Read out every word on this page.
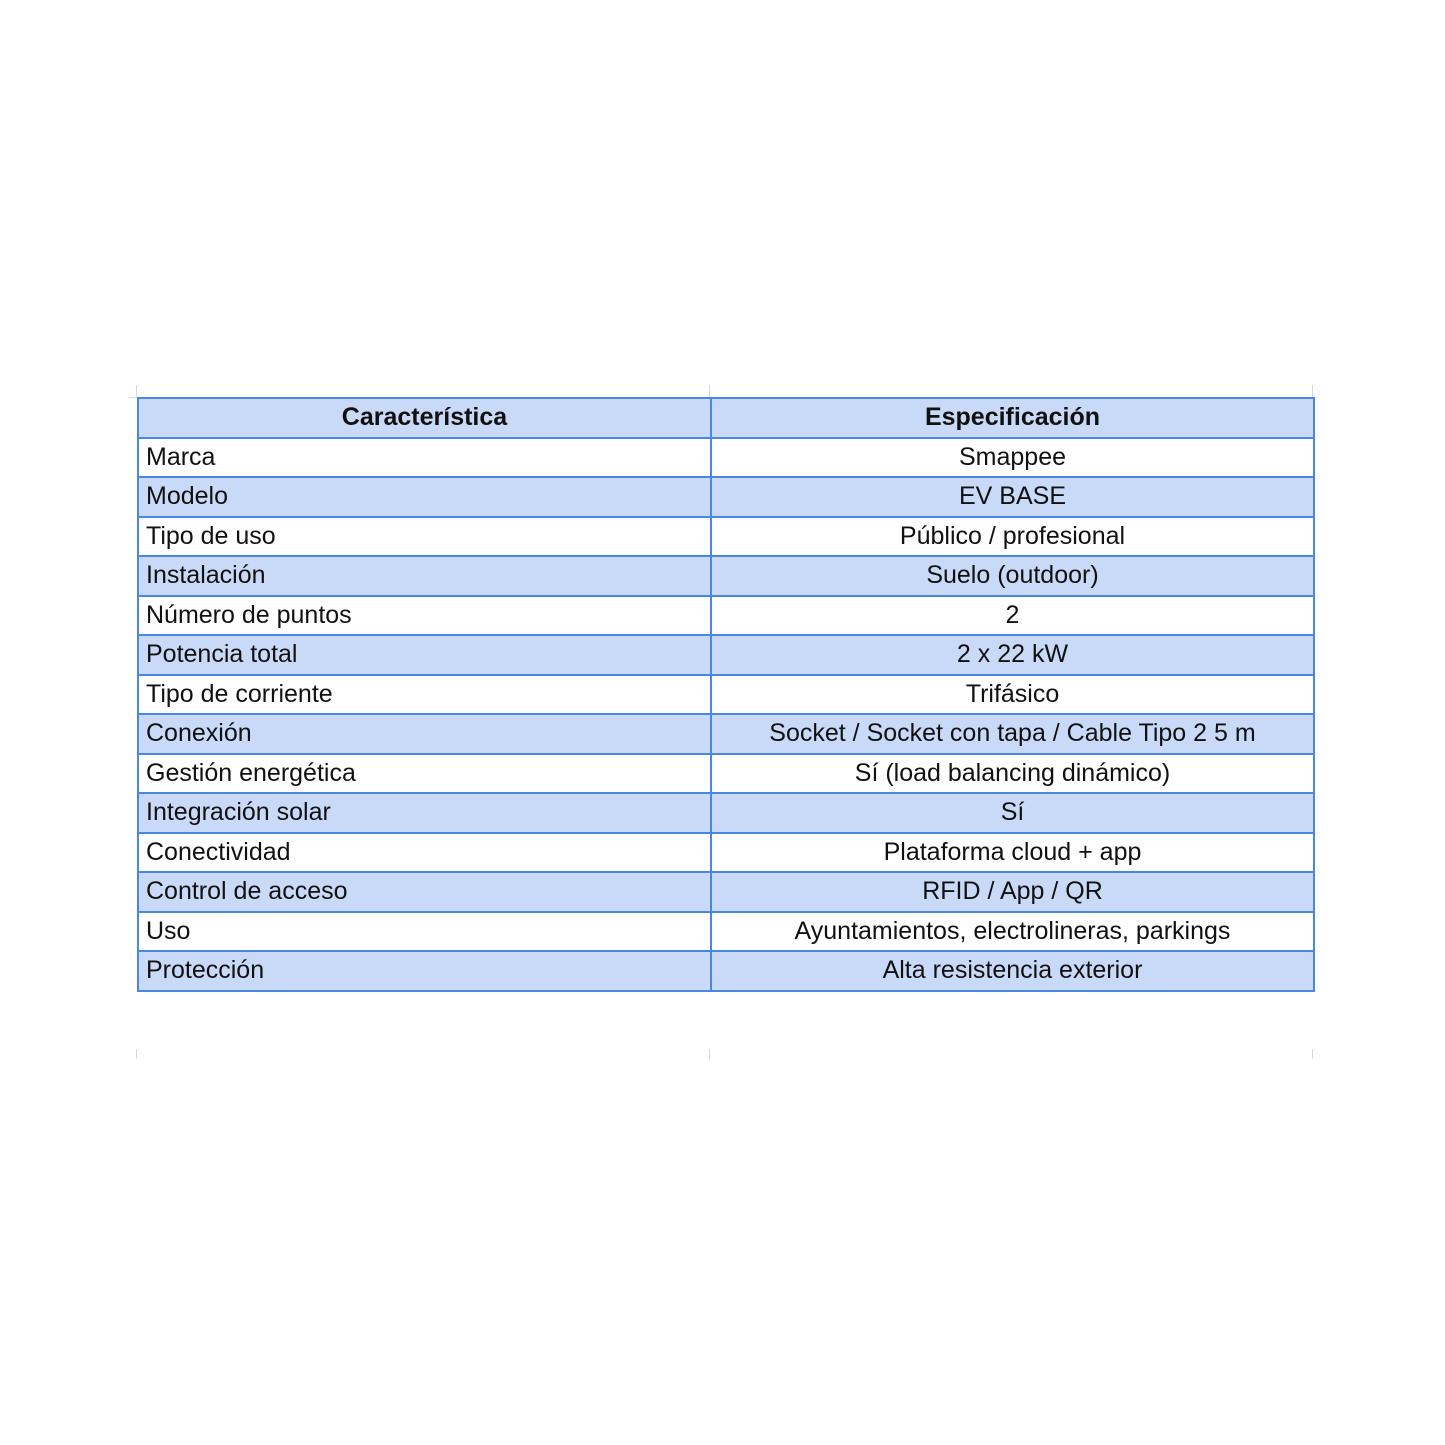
Característica	Especificación
Marca	Smappee
Modelo	EV BASE
Tipo de uso	Público / profesional
Instalación	Suelo (outdoor)
Número de puntos	2
Potencia total	2 x 22 kW
Tipo de corriente	Trifásico
Conexión	Socket / Socket con tapa / Cable Tipo 2 5 m
Gestión energética	Sí (load balancing dinámico)
Integración solar	Sí
Conectividad	Plataforma cloud + app
Control de acceso	RFID / App / QR
Uso	Ayuntamientos, electrolineras, parkings
Protección	Alta resistencia exterior
